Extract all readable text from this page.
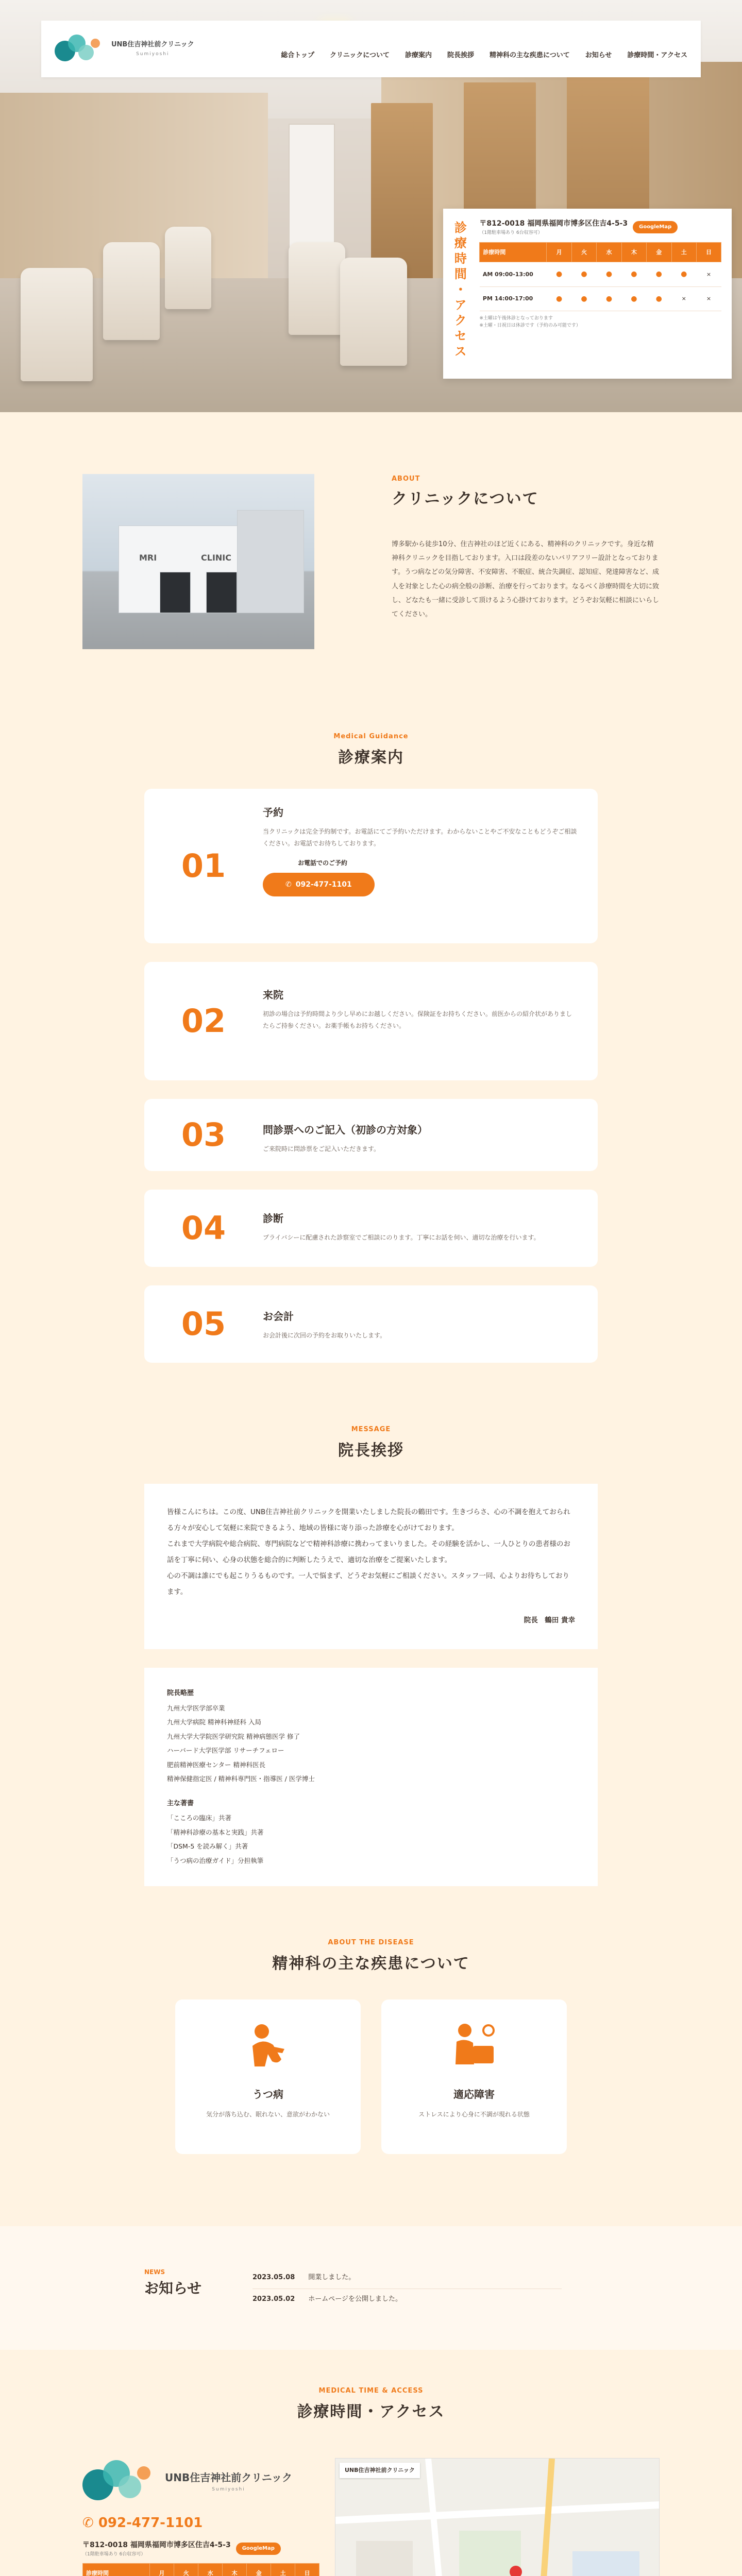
UNB住吉神社前クリニック
Sumiyoshi	総合トップ クリニックについて 診療案内 院長挨拶 精神科の主な疾患について お知らせ 診療時間・アクセス
診療時間・アクセス	〒812-0018 福岡県福岡市博多区住吉4-5-3
（1階駐車場あり 6台収容可）
GoogleMap
診療時間	月	火	水	木	金	土	日
AM 09:00-13:00	●	●	●	●	●	●	×
PM 14:00-17:00	●	●	●	●	●	×	×
※土曜は午後休診となっております
※土曜・日祝日は休診です（予約のみ可能です）
MRI	CLINIC
ABOUT
クリニックについて

博多駅から徒歩10分、住吉神社のほど近くにある、精神科のクリニックです。身近な精神科クリニックを目指しております。入口は段差のないバリアフリー設計となっております。うつ病などの気分障害、不安障害、不眠症、統合失調症、認知症、発達障害など、成人を対象とした心の病全般の診断、治療を行っております。なるべく診療時間を大切に致し、どなたも一緒に受診して頂けるよう心掛けております。どうぞお気軽に相談にいらしてください。

Medical Guidance
診療案内
01
予約

当クリニックは完全予約制です。お電話にてご予約いただけます。わからないことやご不安なこともどうぞご相談ください。お電話でお待ちしております。

お電話でのご予約
✆ 092-477-1101
02
来院

初診の場合は予約時間より少し早めにお越しください。保険証をお持ちください。前医からの紹介状がありましたらご持参ください。お薬手帳もお持ちください。

03	問診票へのご記入（初診の方対象）

ご来院時に問診票をご記入いただきます。

04	診断

プライバシーに配慮された診察室でご相談にのります。丁寧にお話を伺い、適切な治療を行います。

05	お会計

お会計後に次回の予約をお取りいたします。

MESSAGE
院長挨拶

皆様こんにちは。この度、UNB住吉神社前クリニックを開業いたしました院長の鶴田です。生きづらさ、心の不調を抱えておられる方々が安心して気軽に来院できるよう、地域の皆様に寄り添った診療を心がけております。

これまで大学病院や総合病院、専門病院などで精神科診療に携わってまいりました。その経験を活かし、一人ひとりの患者様のお話を丁寧に伺い、心身の状態を総合的に判断したうえで、適切な治療をご提案いたします。

心の不調は誰にでも起こりうるものです。一人で悩まず、どうぞお気軽にご相談ください。スタッフ一同、心よりお待ちしております。

院長　鶴田 貴幸

院長略歴
九州大学医学部卒業
九州大学病院 精神科神経科 入局
九州大学大学院医学研究院 精神病態医学 修了
ハーバード大学医学部 リサーチフェロー
肥前精神医療センター 精神科医長
精神保健指定医 / 精神科専門医・指導医 / 医学博士
主な著書
「こころの臨床」共著
「精神科診療の基本と実践」共著
「DSM-5 を読み解く」共著
「うつ病の治療ガイド」分担執筆
ABOUT THE DISEASE
精神科の主な疾患について
うつ病

気分が落ち込む、眠れない、意欲がわかない

適応障害

ストレスにより心身に不調が現れる状態

NEWS
お知らせ
2023.05.08 開業しました。
2023.05.02 ホームページを公開しました。
MEDICAL TIME & ACCESS
診療時間・アクセス
UNB住吉神社前クリニック
Sumiyoshi
✆ 092-477-1101
〒812-0018 福岡県福岡市博多区住吉4-5-3
（1階駐車場あり 6台収容可）
GoogleMap
診療時間	月	火	水	木	金	土	日

UNB住吉神社前クリニック
